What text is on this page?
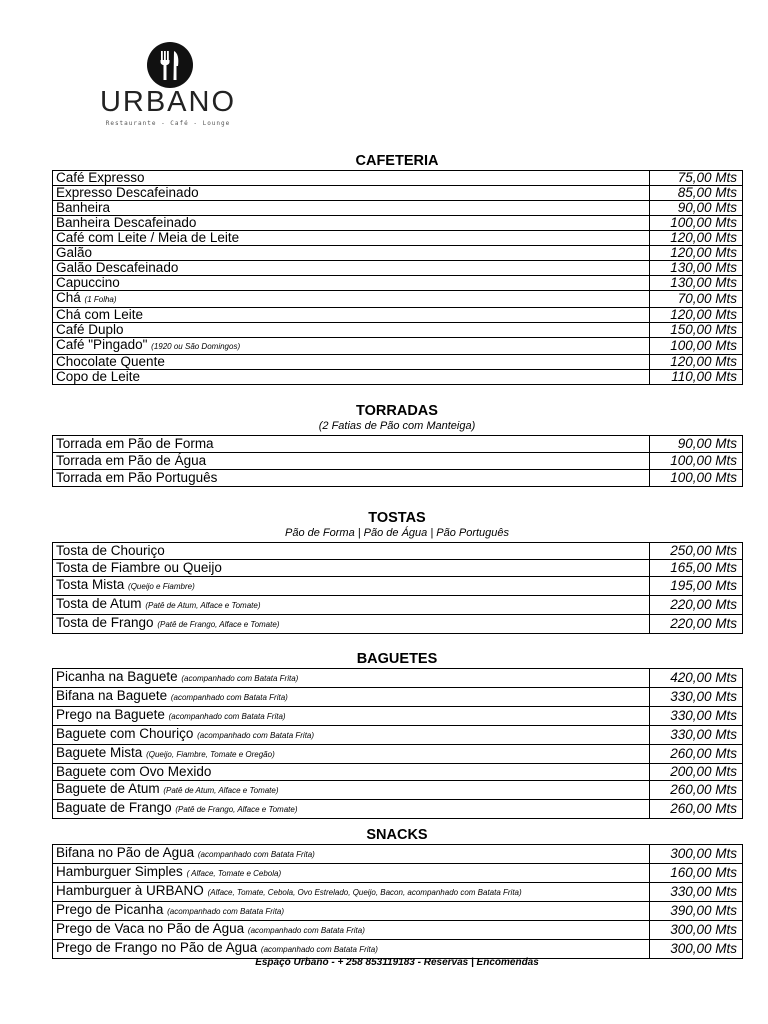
URBANO
Restaurante - Café - Lounge
CAFETERIA
Café Expresso	75,00 Mts
Expresso Descafeinado	85,00 Mts
Banheira	90,00 Mts
Banheira Descafeinado	100,00 Mts
Café com Leite / Meia de Leite	120,00 Mts
Galão	120,00 Mts
Galão Descafeinado	130,00 Mts
Capuccino	130,00 Mts
Chá (1 Folha)	70,00 Mts
Chá com Leite	120,00 Mts
Café Duplo	150,00 Mts
Café "Pingado" (1920 ou São Domingos)	100,00 Mts
Chocolate Quente	120,00 Mts
Copo de Leite	110,00 Mts
TORRADAS
(2 Fatias de Pão com Manteiga)
Torrada em Pão de Forma	90,00 Mts
Torrada em Pão de Água	100,00 Mts
Torrada em Pão Português	100,00 Mts
TOSTAS
Pão de Forma | Pão de Água | Pão Português
Tosta de Chouriço	250,00 Mts
Tosta de Fiambre ou Queijo	165,00 Mts
Tosta Mista (Queijo e Fiambre)	195,00 Mts
Tosta de Atum (Patê de Atum, Alface e Tomate)	220,00 Mts
Tosta de Frango (Patê de Frango, Alface e Tomate)	220,00 Mts
BAGUETES
Picanha na Baguete (acompanhado com Batata Frita)	420,00 Mts
Bifana na Baguete (acompanhado com Batata Frita)	330,00 Mts
Prego na Baguete (acompanhado com Batata Frita)	330,00 Mts
Baguete com Chouriço (acompanhado com Batata Frita)	330,00 Mts
Baguete Mista (Queijo, Fiambre, Tomate e Oregão)	260,00 Mts
Baguete com Ovo Mexido	200,00 Mts
Baguete de Atum (Patê de Atum, Alface e Tomate)	260,00 Mts
Baguate de Frango (Patê de Frango, Alface e Tomate)	260,00 Mts
SNACKS
Bifana no Pão de Agua (acompanhado com Batata Frita)	300,00 Mts
Hamburguer Simples ( Alface, Tomate e Cebola)	160,00 Mts
Hamburguer à URBANO (Alface, Tomate, Cebola, Ovo Estrelado, Queijo, Bacon, acompanhado com Batata Frita)	330,00 Mts
Prego de Picanha (acompanhado com Batata Frita)	390,00 Mts
Prego de Vaca no Pão de Agua (acompanhado com Batata Frita)	300,00 Mts
Prego de Frango no Pão de Agua (acompanhado com Batata Frita)	300,00 Mts
Espaço Urbano - + 258 853119183 - Reservas | Encomendas
